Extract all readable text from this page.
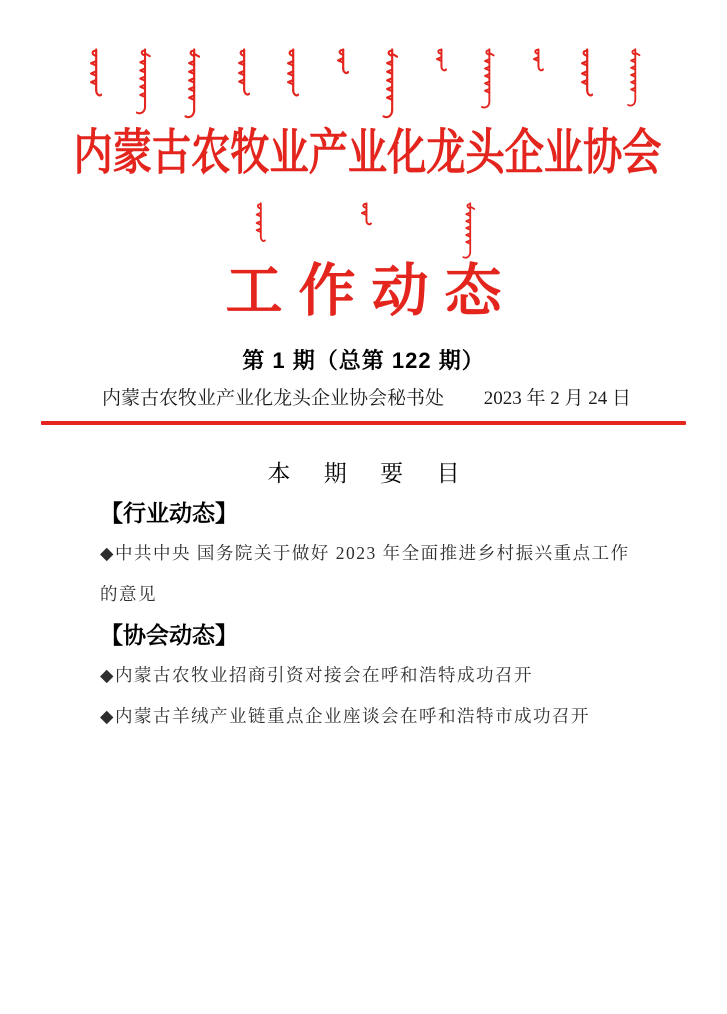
内蒙古农牧业产业化龙头企业协会
工作动态
第 1 期（总第 122 期）
内蒙古农牧业产业化龙头企业协会秘书处 2023 年 2 月 24 日
本 期 要 目
【行业动态】
◆中共中央 国务院关于做好 2023 年全面推进乡村振兴重点工作的意见
【协会动态】
◆内蒙古农牧业招商引资对接会在呼和浩特成功召开
◆内蒙古羊绒产业链重点企业座谈会在呼和浩特市成功召开
